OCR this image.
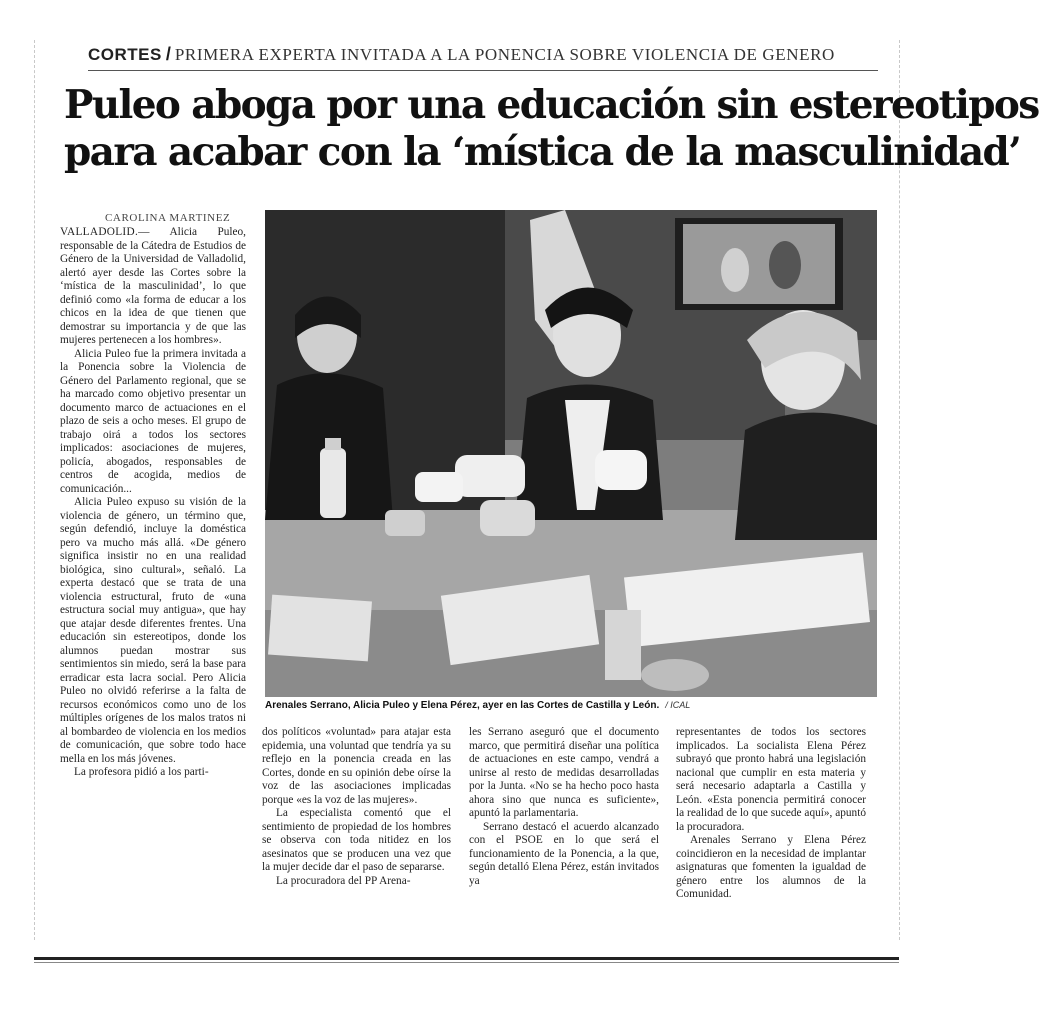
CORTES / PRIMERA EXPERTA INVITADA A LA PONENCIA SOBRE VIOLENCIA DE GENERO
Puleo aboga por una educación sin estereotipos
para acabar con la ‘mística de la masculinidad’
CAROLINA MARTINEZ

VALLADOLID.— Alicia Puleo, responsable de la Cátedra de Estudios de Género de la Universidad de Valladolid, alertó ayer desde las Cortes sobre la ‘mística de la masculinidad’, lo que definió como «la forma de educar a los chicos en la idea de que tienen que demostrar su importancia y de que las mujeres pertenecen a los hombres».

Alicia Puleo fue la primera invitada a la Ponencia sobre la Violencia de Género del Parlamento regional, que se ha marcado como objetivo presentar un documento marco de actuaciones en el plazo de seis a ocho meses. El grupo de trabajo oirá a todos los sectores implicados: asociaciones de mujeres, policía, abogados, responsables de centros de acogida, medios de comunicación...

Alicia Puleo expuso su visión de la violencia de género, un término que, según defendió, incluye la doméstica pero va mucho más allá. «De género significa insistir no en una realidad biológica, sino cultural», señaló. La experta destacó que se trata de una violencia estructural, fruto de «una estructura social muy antigua», que hay que atajar desde diferentes frentes. Una educación sin estereotipos, donde los alumnos puedan mostrar sus sentimientos sin miedo, será la base para erradicar esta lacra social. Pero Alicia Puleo no olvidó referirse a la falta de recursos económicos como uno de los múltiples orígenes de los malos tratos ni al bombardeo de violencia en los medios de comunicación, que sobre todo hace mella en los más jóvenes.

La profesora pidió a los parti-

Arenales Serrano, Alicia Puleo y Elena Pérez, ayer en las Cortes de Castilla y León. / ICAL

dos políticos «voluntad» para atajar esta epidemia, una voluntad que tendría ya su reflejo en la ponencia creada en las Cortes, donde en su opinión debe oírse la voz de las asociaciones implicadas porque «es la voz de las mujeres».

La especialista comentó que el sentimiento de propiedad de los hombres se observa con toda nitidez en los asesinatos que se producen una vez que la mujer decide dar el paso de separarse.

La procuradora del PP Arena-

les Serrano aseguró que el documento marco, que permitirá diseñar una política de actuaciones en este campo, vendrá a unirse al resto de medidas desarrolladas por la Junta. «No se ha hecho poco hasta ahora sino que nunca es suficiente», apuntó la parlamentaria.

Serrano destacó el acuerdo alcanzado con el PSOE en lo que será el funcionamiento de la Ponencia, a la que, según detalló Elena Pérez, están invitados ya

representantes de todos los sectores implicados. La socialista Elena Pérez subrayó que pronto habrá una legislación nacional que cumplir en esta materia y será necesario adaptarla a Castilla y León. «Esta ponencia permitirá conocer la realidad de lo que sucede aquí», apuntó la procuradora.

Arenales Serrano y Elena Pérez coincidieron en la necesidad de implantar asignaturas que fomenten la igualdad de género entre los alumnos de la Comunidad.
